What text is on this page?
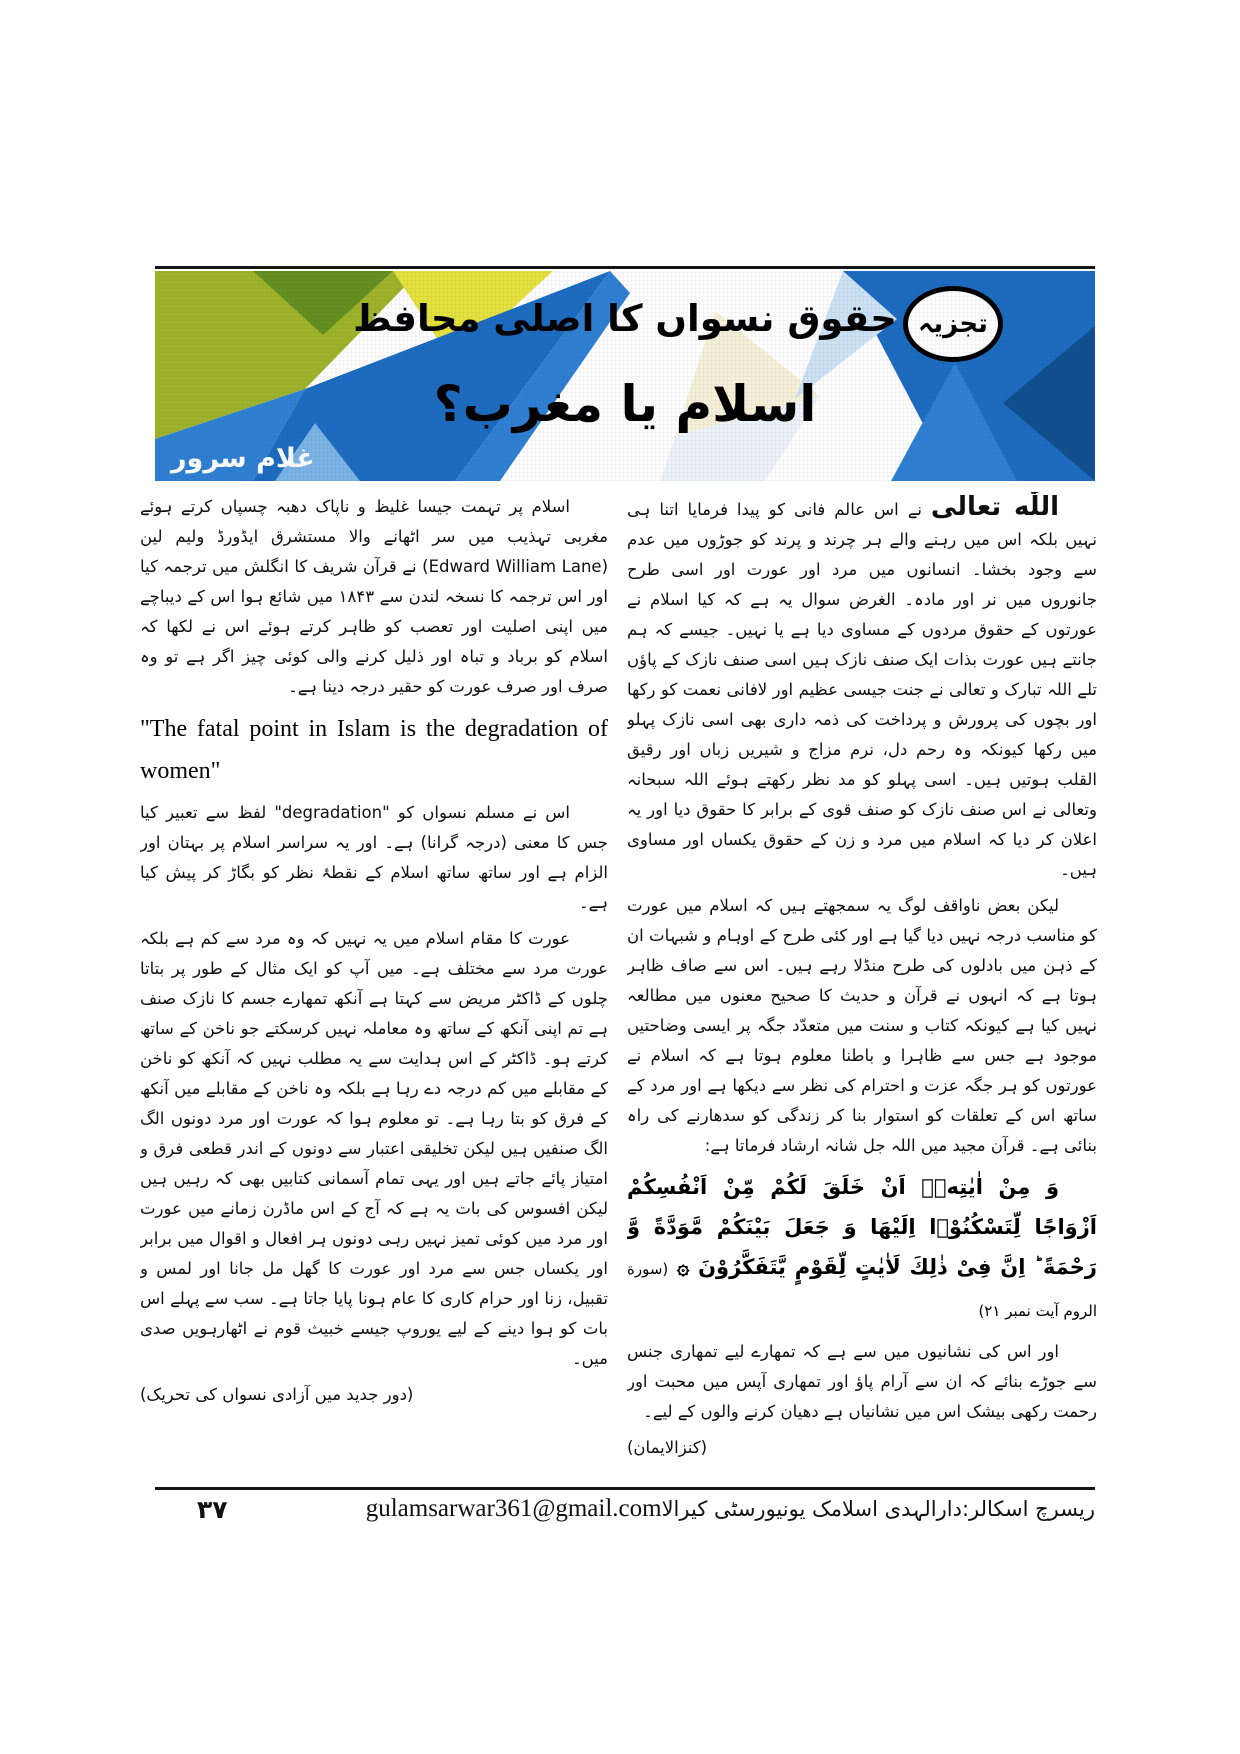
حقوق نسواں کا اصلی محافظ
اسلام یا مغرب؟
تجزیہ
غلام سرور

اللّٰه تعالی نے اس عالم فانی کو پیدا فرمایا اتنا ہی نہیں بلکہ اس میں رہنے والے ہر چرند و پرند کو جوڑوں میں عدم سے وجود بخشا۔ انسانوں میں مرد اور عورت اور اسی طرح جانوروں میں نر اور مادہ۔ الغرض سوال یہ ہے کہ کیا اسلام نے عورتوں کے حقوق مردوں کے مساوی دیا ہے یا نہیں۔ جیسے کہ ہم جانتے ہیں عورت بذات ایک صنف نازک ہیں اسی صنف نازک کے پاؤں تلے اللہ تبارک و تعالی نے جنت جیسی عظیم اور لافانی نعمت کو رکھا اور بچوں کی پرورش و پرداخت کی ذمہ داری بھی اسی نازک پہلو میں رکھا کیونکہ وہ رحم دل، نرم مزاج و شیریں زباں اور رقیق القلب ہوتیں ہیں۔ اسی پہلو کو مد نظر رکھتے ہوئے اللہ سبحانہ وتعالی نے اس صنف نازک کو صنف قوی کے برابر کا حقوق دیا اور یہ اعلان کر دیا کہ اسلام میں مرد و زن کے حقوق یکساں اور مساوی ہیں۔

لیکن بعض ناواقف لوگ یہ سمجھتے ہیں کہ اسلام میں عورت کو مناسب درجہ نہیں دیا گیا ہے اور کئی طرح کے اوہام و شبہات ان کے ذہن میں بادلوں کی طرح منڈلا رہے ہیں۔ اس سے صاف ظاہر ہوتا ہے کہ انہوں نے قرآن و حدیث کا صحیح معنوں میں مطالعہ نہیں کیا ہے کیونکہ کتاب و سنت میں متعدّد جگہ پر ایسی وضاحتیں موجود ہے جس سے ظاہرا و باطنا معلوم ہوتا ہے کہ اسلام نے عورتوں کو ہر جگہ عزت و احترام کی نظر سے دیکھا ہے اور مرد کے ساتھ اس کے تعلقات کو استوار بنا کر زندگی کو سدھارنے کی راہ بنائی ہے۔ قرآن مجید میں اللہ جل شانہ ارشاد فرماتا ہے:

وَ مِنْ اٰیٰتِهٖۤ اَنْ خَلَقَ لَكُمْ مِّنْ اَنْفُسِكُمْ اَزْوَاجًا لِّتَسْكُنُوْۤا اِلَیْهَا وَ جَعَلَ بَیْنَكُمْ مَّوَدَّةً وَّ رَحْمَةً ؕ اِنَّ فِیْ ذٰلِكَ لَاٰیٰتٍ لِّقَوْمٍ یَّتَفَكَّرُوْنَ ۞ (سورة الروم آیت نمبر ۲۱)

اور اس کی نشانیوں میں سے ہے کہ تمھارے لیے تمھاری جنس سے جوڑے بنائے کہ ان سے آرام پاؤ اور تمھاری آپس میں محبت اور رحمت رکھی بیشک اس میں نشانیاں ہے دھیان کرنے والوں کے لیے۔

(کنزالایمان)

اسلام پر تہمت جیسا غلیظ و ناپاک دھبہ چسپاں کرتے ہوئے مغربی تہذیب میں سر اٹھانے والا مستشرق ایڈورڈ ولیم لین (Edward William Lane) نے قرآن شریف کا انگلش میں ترجمہ کیا اور اس ترجمہ کا نسخہ لندن سے ۱۸۴۳ میں شائع ہوا اس کے دیباچے میں اپنی اصلیت اور تعصب کو ظاہر کرتے ہوئے اس نے لکھا کہ اسلام کو برباد و تباہ اور ذلیل کرنے والی کوئی چیز اگر ہے تو وہ صرف اور صرف عورت کو حقیر درجہ دینا ہے۔

"The fatal point in Islam is the degradation of women"

اس نے مسلم نسواں کو "degradation" لفظ سے تعبیر کیا جس کا معنی (درجہ گرانا) ہے۔ اور یہ سراسر اسلام پر بہتان اور الزام ہے اور ساتھ ساتھ اسلام کے نقطۂ نظر کو بگاڑ کر پیش کیا ہے۔

عورت کا مقام اسلام میں یہ نہیں کہ وہ مرد سے کم ہے بلکہ عورت مرد سے مختلف ہے۔ میں آپ کو ایک مثال کے طور پر بتاتا چلوں کے ڈاکٹر مریض سے کہتا ہے آنکھ تمھارے جسم کا نازک صنف ہے تم اپنی آنکھ کے ساتھ وہ معاملہ نہیں کرسکتے جو ناخن کے ساتھ کرتے ہو۔ ڈاکٹر کے اس ہدایت سے یہ مطلب نہیں کہ آنکھ کو ناخن کے مقابلے میں کم درجہ دے رہا ہے بلکہ وہ ناخن کے مقابلے میں آنکھ کے فرق کو بتا رہا ہے۔ تو معلوم ہوا کہ عورت اور مرد دونوں الگ الگ صنفیں ہیں لیکن تخلیقی اعتبار سے دونوں کے اندر قطعی فرق و امتیاز پائے جاتے ہیں اور یہی تمام آسمانی کتابیں بھی کہ رہیں ہیں لیکن افسوس کی بات یہ ہے کہ آج کے اس ماڈرن زمانے میں عورت اور مرد میں کوئی تمیز نہیں رہی دونوں ہر افعال و اقوال میں برابر اور یکساں جس سے مرد اور عورت کا گھل مل جانا اور لمس و تقبیل، زنا اور حرام کاری کا عام ہونا پایا جاتا ہے۔ سب سے پہلے اس بات کو ہوا دینے کے لیے یوروپ جیسے خبیث قوم نے اٹھارہویں صدی میں۔

(دور جدید میں آزادی نسواں کی تحریک)

۳۷	ریسرچ اسکالر:دارالہدی اسلامک یونیورسٹی کیرالاgulamsarwar361@gmail.com
